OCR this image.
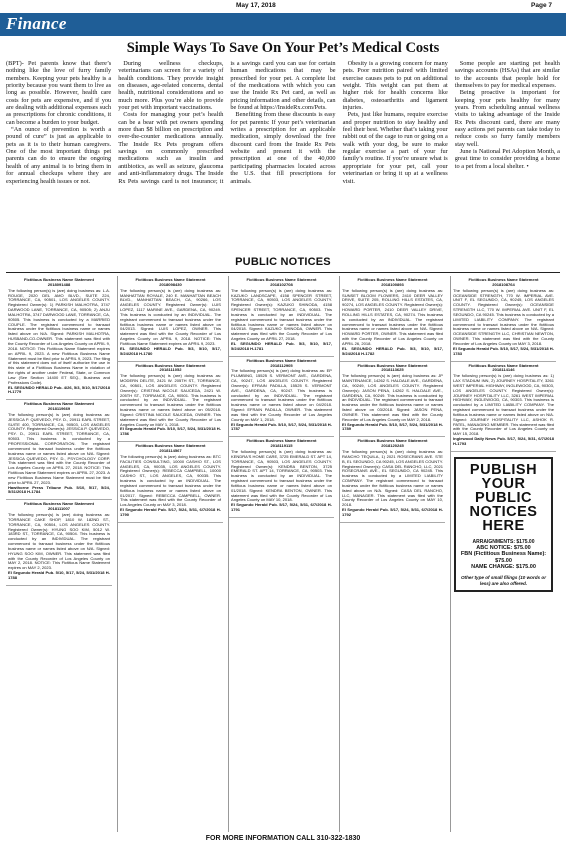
May 17, 2018	Page 7
Finance
Simple Ways To Save On Your Pet’s Medical Costs

(BPT)- Pet parents know that there’s nothing like the love of furry family members. Keeping your pets healthy is a priority because you want them to live as long as possible. However, health care costs for pets are expensive, and if you are dealing with additional expenses such as prescriptions for chronic conditions, it can become a burden to your budget.

“An ounce of prevention is worth a pound of cure” is just as applicable to pets as it is to their human caregivers. One of the most important things pet parents can do to ensure the ongoing health of any animal is to bring them in for annual checkups where they are experiencing health issues or not.

During wellness checkups, veterinarians can screen for a variety of health conditions. They provide insight on diseases, age-related concerns, dental health, nutritional considerations and so much more. Plus you’re able to provide your pet with important vaccinations.

Costs for managing your pet’s health can be a bear with pet owners spending more than $8 billion on prescription and over-the-counter medications annually. The Inside Rx Pets program offers savings on commonly prescribed medications such as insulin and antibiotics, as well as seizure, glaucoma and anti-inflammatory drugs. The Inside Rx Pets savings card is not insurance; it is a savings card you can use for certain human medications that may be prescribed for your pet. A complete list of the medications with which you can use the Inside Rx Pet card, as well as pricing information and other details, can be found at https://InsideRx.com/Pets.

Benefiting from these discounts is easy for pet parents: If your pet’s veterinarian writes a prescription for an applicable medication, simply download the free discount card from the Inside Rx Pets website and present it with the prescription at one of the 40,000 participating pharmacies located across the U.S. that fill prescriptions for animals.

Obesity is a growing concern for many pets. Poor nutrition paired with limited exercise causes pets to put on additional weight. This weight can put them at higher risk for health concerns like diabetes, osteoarthritis and ligament injuries.

Pets, just like humans, require exercise and proper nutrition to stay healthy and feel their best. Whether that’s taking your rabbit out of the cage to run or going on a walk with your dog, be sure to make regular exercise a part of your fur family’s routine. If you’re unsure what is appropriate for your pet, call your veterinarian or bring it up at a wellness visit.

Some people are starting pet health savings accounts (HSAs) that are similar to the accounts that people hold for themselves to pay for medical expenses.

Being proactive is important for keeping your pets healthy for many years. From scheduling annual wellness visits to taking advantage of the Inside Rx Pets discount card, there are many easy actions pet parents can take today to reduce costs so furry family members stay well.

June is National Pet Adoption Month, a great time to consider providing a home to a pet from a local shelter. •

PUBLIC NOTICES
Fictitious Business Name Statement
2018091488
The following person(s) is (are) doing business as: L.A. ROUGE, 2020 DEL AMO BLVD., SUITE 224, TORRANCE, CA, 90501, LOS ANGELES COUNTY. Registered Owner(s): 1) PARKISH MALHOTRA, 3747 DARWOOD LANE, TORRANCE, CA, 90505; 2) ANJU MALHOTRA, 3747 DARWOOD LANE, TORRANCE, CA, 90505. This business is conducted by a MARRIED COUPLE. The registrant commenced to transact business under the fictitious business name or names listed above on N/A. Signed: PARKISH MALHOTRA, HUSBAND-CO-OWNER. This statement was filed with the County Recorder of Los Angeles County on APRIL 9, 2018. NOTICE: This Fictitious Name Statement expires on APRIL 9, 2023. A new Fictitious Business Name Statement must be filed prior to APRIL 9, 2023. The filing of this statement does not of itself authorize the use in this state of a Fictitious Business Name in violation of the rights of another under Federal, State, or Common Law (See Section 14400 ET SEQ., Business and Professions Code).
EL SEGUNDO HERALD Pub. 4/26, 5/3, 5/10, 5/17/2018 H-1779
Fictitious Business Name Statement
2018119669
The following person(s) is (are) doing business as: JESSICA P. QUEVEDO, PSY. D., 20911 EARL STREET, SUITE 400, TORRANCE, CA, 90503, LOS ANGELES COUNTY. Registered Owner(s): JESSICA P. QUEVEDO, PSY. D., 20911 EARL STREET, TORRANCE, CA, 90503. This business is conducted by a PROFESSIONAL CORPORATION. The registrant commenced to transact business under the fictitious business name or names listed above on N/A. Signed: JESSICA QUEVEDO, PSY. D., PSYCHOLOGY CORP. This statement was filed with the County Recorder of Los Angeles County on APRIL 27, 2018. NOTICE: This Fictitious Name Statement expires on APRIL 27, 2023. A new Fictitious Business Name Statement must be filed prior to APRIL 27, 2023.
Hawthorne Press Tribune Pub. 5/10, 5/17, 5/24, 5/31/2018 H-1784
Fictitious Business Name Statement
2018111007
The following person(s) is (are) doing business as: TORRANCE CAKE SHOP, 1810 W. 182ND ST., TORRANCE, CA, 90504, LOS ANGELES COUNTY. Registered Owner(s): HYUNG SOO KIM, 5012 W. 183RD ST., TORRANCE, CA, 90504. This business is conducted by an INDIVIDUAL. The registrant commenced to transact business under the fictitious business name or names listed above on N/A. Signed: HYUNG SOO KIM, OWNER. This statement was filed with the County Recorder of Los Angeles County on MAY 2, 2018. NOTICE: This Fictitious Name Statement expires on MAY 2, 2023.
El Segundo Herald Pub. 5/10, 5/17, 5/24, 5/31/2018 H-1788
Fictitious Business Name Statement
2018098430
The following person(s) is (are) doing business as: MANHATTAN ROYALE, 240 E. MANHATTAN BEACH BLVD., MANHATTAN BEACH, CA, 90266, LOS ANGELES COUNTY. Registered Owner(s): LUIS LOPEZ, 1117 MARINE AVE., GARDENA, CA, 90249. This business is conducted by an INDIVIDUAL. The registrant commenced to transact business under the fictitious business name or names listed above on 04/2013. Signed: LUIS LOPEZ, OWNER. This statement was filed with the County Recorder of Los Angeles County on APRIL 9, 2018. NOTICE: This Fictitious Name Statement expires on APRIL 9, 2023.
EL SEGUNDO HERALD Pub. 5/3, 5/10, 5/17, 5/24/2018 H-1780
Fictitious Business Name Statement
2018111052
The following person(s) is (are) doing business as: MODERN DELITE, 2421 W. 205TH ST., TORRANCE, CA, 90501, LOS ANGELES COUNTY. Registered Owner(s): CRISTINA NICOLE SAUCEDA, 2421 W. 205TH ST., TORRANCE, CA, 90501. This business is conducted by an INDIVIDUAL. The registrant commenced to transact business under the fictitious business name or names listed above on 05/2018. Signed: CRISTINA NICOLE SAUCEDA, OWNER. This statement was filed with the County Recorder of Los Angeles County on MAY 1, 2018.
El Segundo Herald Pub. 5/10, 5/17, 5/24, 5/31/2018 H-1786
Fictitious Business Name Statement
2018114567
The following person(s) is (are) doing business as: BTC FACILITIES CONSULTING, 10000 CASHIO ST., LOS ANGELES, CA, 90035, LOS ANGELES COUNTY. Registered Owner(s): REBECCA CAMPBELL, 10000 CASHIO ST., LOS ANGELES, CA, 90035. This business is conducted by an INDIVIDUAL. The registrant commenced to transact business under the fictitious business name or names listed above on 01/2017. Signed: REBECCA CAMPBELL, OWNER. This statement was filed with the County Recorder of Los Angeles County on MAY 3, 2018.
El Segundo Herald Pub. 5/17, 5/24, 5/31, 6/7/2018 H-1790
Fictitious Business Name Statement
2018102708
The following person(s) is (are) doing business as: KAZUKO LANDSCAPE, 4158 SPENCER STREET, TORRANCE, CA, 90503, LOS ANGELES COUNTY. Registered Owner(s): KAZUKO SHINODA, 4158 SPENCER STREET, TORRANCE, CA, 90503. This business is conducted by an INDIVIDUAL. The registrant commenced to transact business under the fictitious business name or names listed above on 04/2018. Signed: KAZUKO SHINODA, OWNER. This statement was filed with the County Recorder of Los Angeles County on APRIL 27, 2018.
EL SEGUNDO HERALD Pub. 5/3, 5/10, 5/17, 5/24/2018 H-1781
Fictitious Business Name Statement
2018112905
The following person(s) is (are) doing business as: EP PLUMBING, 15525 S. VERMONT AVE., GARDENA, CA, 90247, LOS ANGELES COUNTY. Registered Owner(s): EFRAIN PADILLA, 15525 S. VERMONT AVE., GARDENA, CA, 90247. This business is conducted by an INDIVIDUAL. The registrant commenced to transact business under the fictitious business name or names listed above on 04/2018. Signed: EFRAIN PADILLA, OWNER. This statement was filed with the County Recorder of Los Angeles County on MAY 1, 2018.
El Segundo Herald Pub. 5/10, 5/17, 5/24, 5/31/2018 H-1787
Fictitious Business Name Statement
2018119115
The following person(s) is (are) doing business as: KENDRA'S HOME CARE, 3725 EMERALD ST. APT 14, TORRANCE, CA, 90503, LOS ANGELES COUNTY. Registered Owner(s): KENDRA BENTON, 3725 EMERALD ST. APT 14, TORRANCE, CA, 90503. This business is conducted by an INDIVIDUAL. The registrant commenced to transact business under the fictitious business name or names listed above on 01/2018. Signed: KENDRA BENTON, OWNER. This statement was filed with the County Recorder of Los Angeles County on MAY 10, 2018.
El Segundo Herald Pub. 5/17, 5/24, 5/31, 6/7/2018 H-1791
Fictitious Business Name Statement
2018100893
The following person(s) is (are) doing business as: SUNSET BLOOM FLOWERS, 2410 DEER VALLEY DRIVE, SUITE 205, ROLLING HILLS ESTATES, CA, 90274, LOS ANGELES COUNTY. Registered Owner(s): HOWARD PORTER, 2410 DEER VALLEY DRIVE, ROLLING HILLS ESTATES, CA, 90274. This business is conducted by an INDIVIDUAL. The registrant commenced to transact business under the fictitious business name or names listed above on N/A. Signed: HOWARD PORTER, OWNER. This statement was filed with the County Recorder of Los Angeles County on APRIL 26, 2018.
EL SEGUNDO HERALD Pub. 5/3, 5/10, 5/17, 5/24/2018 H-1782
Fictitious Business Name Statement
2018113625
The following person(s) is (are) doing business as: JP MAINTENANCE, 14262 S. HALDALE AVE., GARDENA, CA, 90249, LOS ANGELES COUNTY. Registered Owner(s): JASON PENA, 14262 S. HALDALE AVE., GARDENA, CA, 90249. This business is conducted by an INDIVIDUAL. The registrant commenced to transact business under the fictitious business name or names listed above on 03/2018. Signed: JASON PENA, OWNER. This statement was filed with the County Recorder of Los Angeles County on MAY 2, 2018.
El Segundo Herald Pub. 5/10, 5/17, 5/24, 5/31/2018 H-1789
Fictitious Business Name Statement
2018120245
The following person(s) is (are) doing business as: RANCHO TEQUILA, 1) 2021 ROSECRANS AVE. STE B, EL SEGUNDO, CA 90245, LOS ANGELES COUNTY. Registered Owner(s): CASA DEL RANCHO, LLC, 2021 ROSECRANS AVE., EL SEGUNDO, CA 90245. This business is conducted by a LIMITED LIABILITY COMPANY. The registrant commenced to transact business under the fictitious business name or names listed above on N/A. Signed: CASA DEL RANCHO, LLC, MANAGER. This statement was filed with the County Recorder of Los Angeles County on MAY 10, 2018.
El Segundo Herald Pub. 5/17, 5/24, 5/31, 6/7/2018 H-1792
Fictitious Business Name Statement
2018108764
The following person(s) is (are) doing business as: OCEANSIDE STRENGTH, 770 W. IMPERIAL AVE. UNIT F, EL SEGUNDO, CA, 90245, LOS ANGELES COUNTY. Registered Owner(s): OCEANSIDE STRENGTH LLC, 770 W. IMPERIAL AVE. UNIT F, EL SEGUNDO, CA 90245. This business is conducted by a LIMITED LIABILITY COMPANY. The registrant commenced to transact business under the fictitious business name or names listed above on N/A. Signed: OCEANSIDE STRENGTH LLC, CHRISTIAN NEWTON, OWNER. This statement was filed with the County Recorder of Los Angeles County on MAY 3, 2018.
El Segundo Herald Pub. 5/10, 5/17, 5/24, 5/31/2018 H-1783
Fictitious Business Name Statement
2018114146
The following person(s) is (are) doing business as: 1) LAX STADIUM INN, 2) JOURNEY HOSPITALITY, 3261 WEST IMPERIAL HIGHWAY, INGLEWOOD, CA, 90303, LOS ANGELES COUNTY. Registered Owner(s): JOURNEY HOSPITALITY LLC, 3261 WEST IMPERIAL HIGHWAY, INGLEWOOD, CA, 90303. This business is conducted by a LIMITED LIABILITY COMPANY. The registrant commenced to transact business under the fictitious business name or names listed above on N/A. Signed: JOURNEY HOSPITALITY LLC, ASHOK R. PATEL, MANAGING MEMBER. This statement was filed with the County Recorder of Los Angeles County on MAY 15, 2018.
Inglewood Daily News Pub. 5/17, 5/24, 5/31, 6/7/2018 H-1793
PUBLISH
YOUR
PUBLIC
NOTICES
HERE
ARRAIGNMENTS: $175.00
ABC NOTICE: $75.00
FBN (Fictitious Business Name): $75.00
NAME CHANGE: $175.00
Other type of small filings (10 words or less) are also offered.
FOR MORE INFORMATION CALL 310-322-1830
